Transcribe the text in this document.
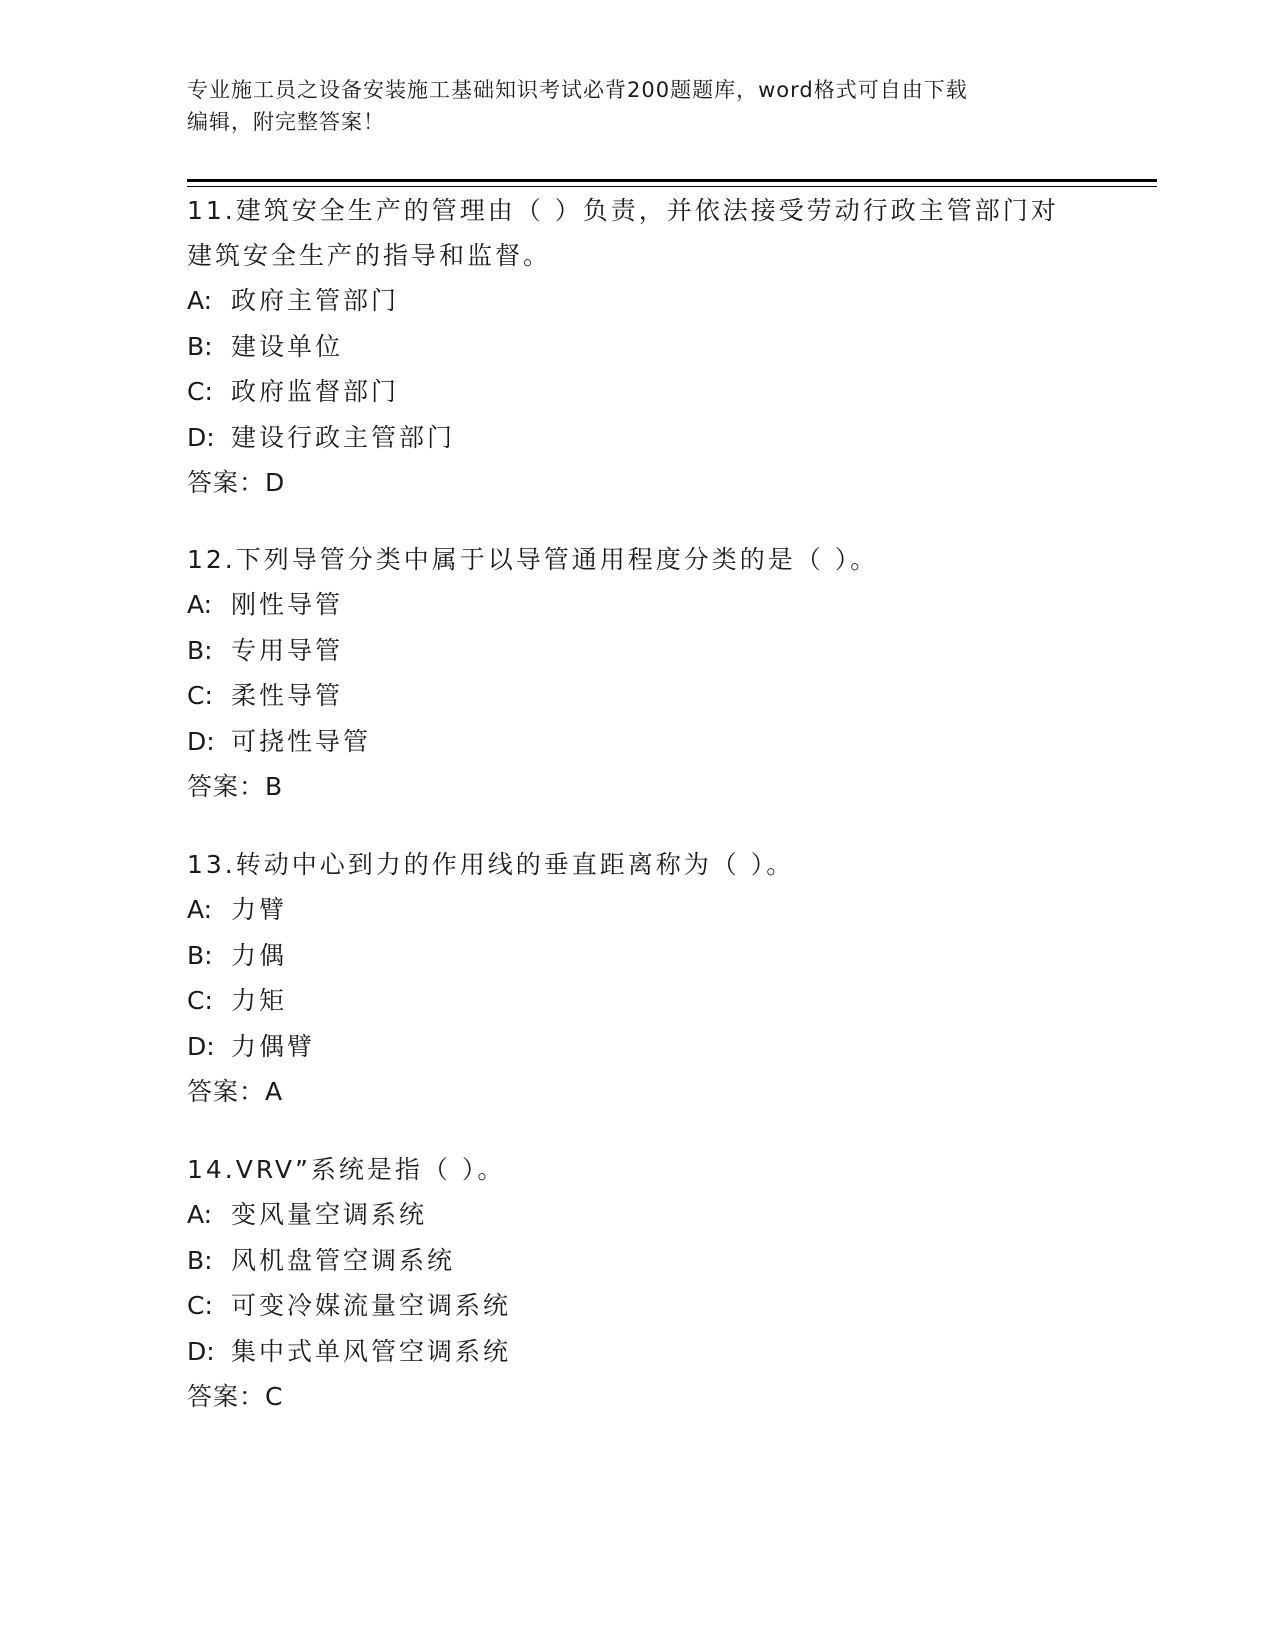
专业施工员之设备安装施工基础知识考试必背200题题库，word格式可自由下载
编辑，附完整答案！

11.建筑安全生产的管理由（ ）负责，并依法接受劳动行政主管部门对建筑安全生产的指导和监督。

A: 政府主管部门
B: 建设单位
C: 政府监督部门
D: 建设行政主管部门
答案：D

12.下列导管分类中属于以导管通用程度分类的是（ ）。

A: 刚性导管
B: 专用导管
C: 柔性导管
D: 可挠性导管
答案：B

13.转动中心到力的作用线的垂直距离称为（ ）。

A: 力臂
B: 力偶
C: 力矩
D: 力偶臂
答案：A

14.VRV”系统是指（ ）。

A: 变风量空调系统
B: 风机盘管空调系统
C: 可变冷媒流量空调系统
D: 集中式单风管空调系统
答案：C
